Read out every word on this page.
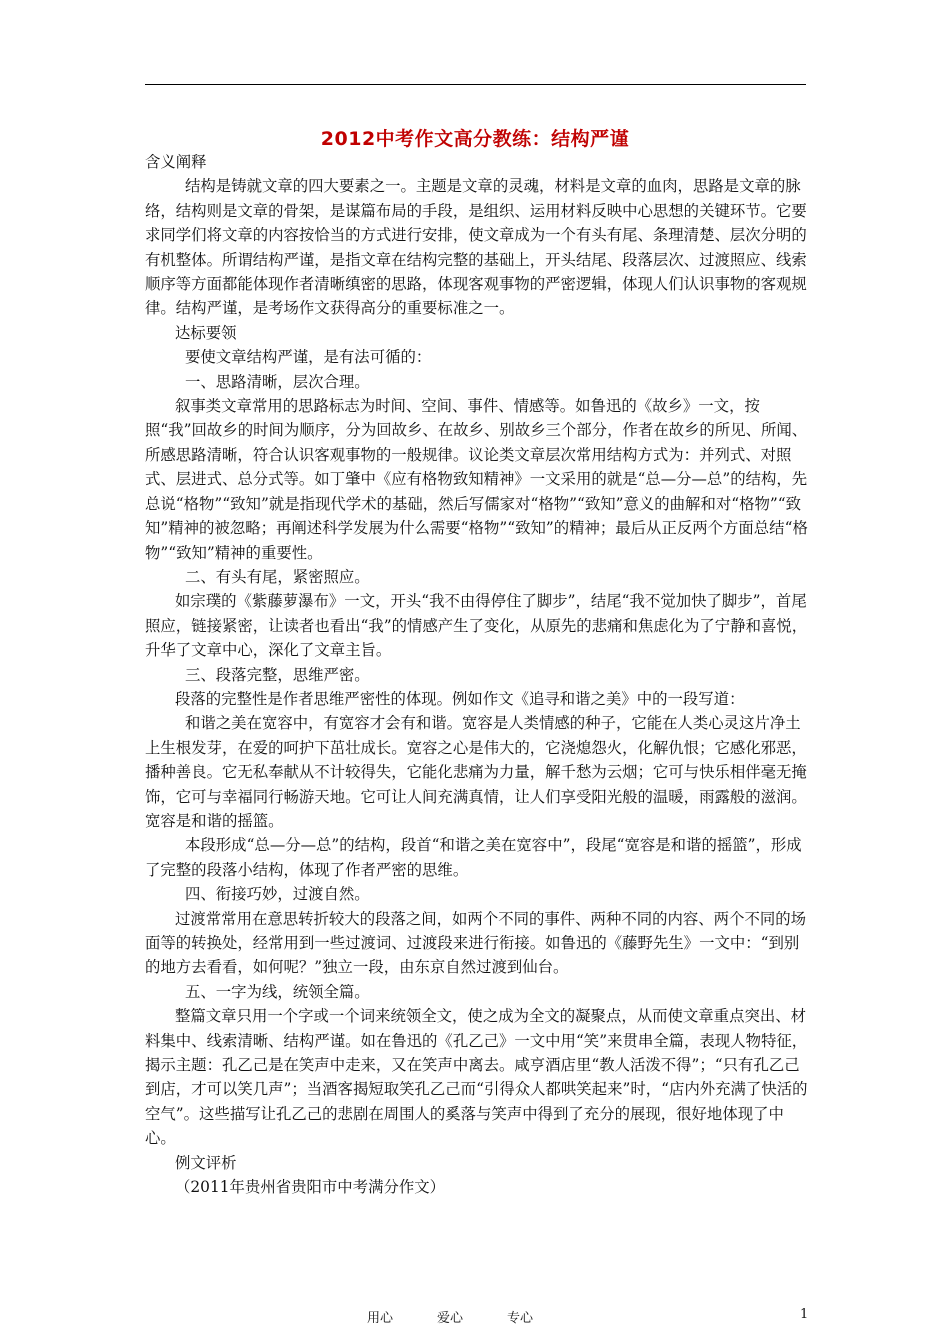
2012中考作文高分教练：结构严谨

含义阐释

结构是铸就文章的四大要素之一。主题是文章的灵魂，材料是文章的血肉，思路是文章的脉络，结构则是文章的骨架，是谋篇布局的手段，是组织、运用材料反映中心思想的关键环节。它要求同学们将文章的内容按恰当的方式进行安排，使文章成为一个有头有尾、条理清楚、层次分明的有机整体。所谓结构严谨，是指文章在结构完整的基础上，开头结尾、段落层次、过渡照应、线索顺序等方面都能体现作者清晰缜密的思路，体现客观事物的严密逻辑，体现人们认识事物的客观规律。结构严谨，是考场作文获得高分的重要标准之一。

达标要领

要使文章结构严谨，是有法可循的：

一、思路清晰，层次合理。

叙事类文章常用的思路标志为时间、空间、事件、情感等。如鲁迅的《故乡》一文，按照“我”回故乡的时间为顺序，分为回故乡、在故乡、别故乡三个部分，作者在故乡的所见、所闻、所感思路清晰，符合认识客观事物的一般规律。议论类文章层次常用结构方式为：并列式、对照式、层进式、总分式等。如丁肇中《应有格物致知精神》一文采用的就是“总—分—总”的结构，先总说“格物”“致知”就是指现代学术的基础，然后写儒家对“格物”“致知”意义的曲解和对“格物”“致知”精神的被忽略；再阐述科学发展为什么需要“格物”“致知”的精神；最后从正反两个方面总结“格物”“致知”精神的重要性。

二、有头有尾，紧密照应。

如宗璞的《紫藤萝瀑布》一文，开头“我不由得停住了脚步”，结尾“我不觉加快了脚步”，首尾照应，链接紧密，让读者也看出“我”的情感产生了变化，从原先的悲痛和焦虑化为了宁静和喜悦，升华了文章中心，深化了文章主旨。

三、段落完整，思维严密。

段落的完整性是作者思维严密性的体现。例如作文《追寻和谐之美》中的一段写道：

和谐之美在宽容中，有宽容才会有和谐。宽容是人类情感的种子，它能在人类心灵这片净土上生根发芽，在爱的呵护下茁壮成长。宽容之心是伟大的，它浇熄怨火，化解仇恨；它感化邪恶，播种善良。它无私奉献从不计较得失，它能化悲痛为力量，解千愁为云烟；它可与快乐相伴毫无掩饰，它可与幸福同行畅游天地。它可让人间充满真情，让人们享受阳光般的温暖，雨露般的滋润。宽容是和谐的摇篮。

本段形成“总—分—总”的结构，段首“和谐之美在宽容中”，段尾“宽容是和谐的摇篮”，形成了完整的段落小结构，体现了作者严密的思维。

四、衔接巧妙，过渡自然。

过渡常常用在意思转折较大的段落之间，如两个不同的事件、两种不同的内容、两个不同的场面等的转换处，经常用到一些过渡词、过渡段来进行衔接。如鲁迅的《藤野先生》一文中：“到别的地方去看看，如何呢？”独立一段，由东京自然过渡到仙台。

五、一字为线，统领全篇。

整篇文章只用一个字或一个词来统领全文，使之成为全文的凝聚点，从而使文章重点突出、材料集中、线索清晰、结构严谨。如在鲁迅的《孔乙己》一文中用“笑”来贯串全篇，表现人物特征，揭示主题：孔乙己是在笑声中走来，又在笑声中离去。咸亨酒店里“教人活泼不得”；“只有孔乙己到店，才可以笑几声”；当酒客揭短取笑孔乙己而“引得众人都哄笑起来”时，“店内外充满了快活的空气”。这些描写让孔乙己的悲剧在周围人的奚落与笑声中得到了充分的展现，很好地体现了中心。

例文评析

（2011年贵州省贵阳市中考满分作文）

用心	爱心	专心	1
